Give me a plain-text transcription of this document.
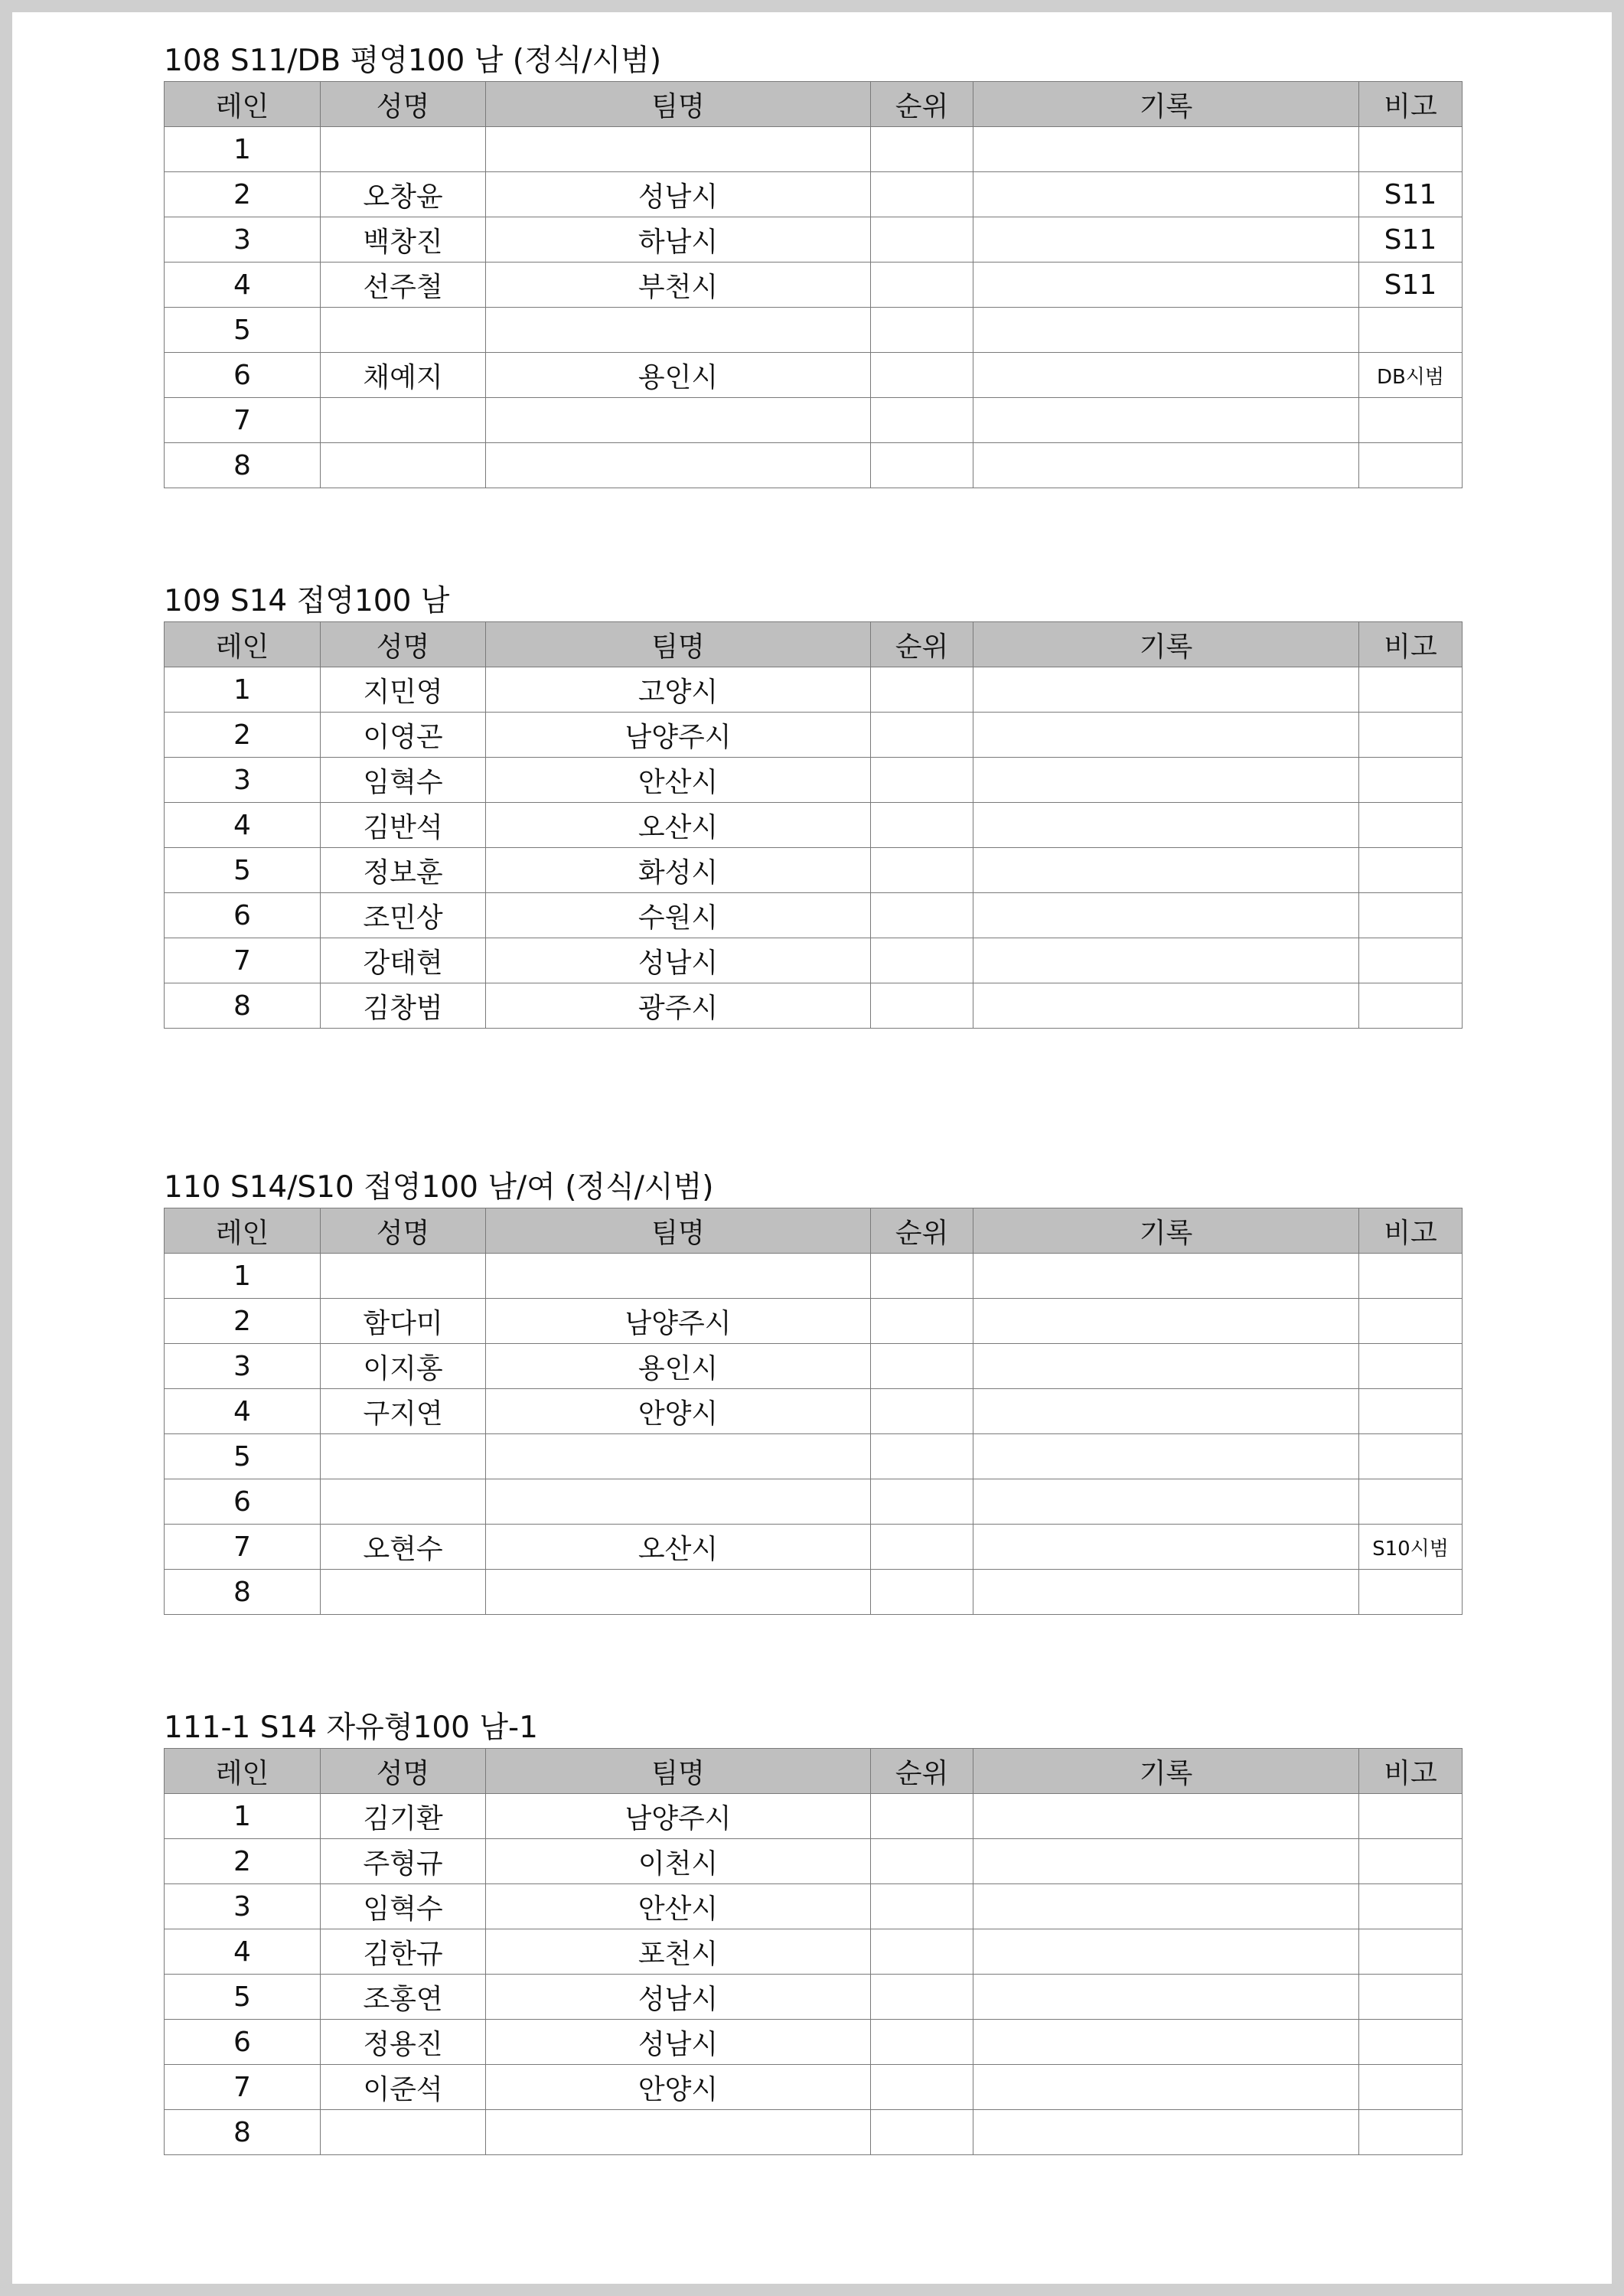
108 S11/DB 평영100 남 (정식/시범)
레인	성명	팀명	순위	기록	비고
1					
2	오창윤	성남시			S11
3	백창진	하남시			S11
4	선주철	부천시			S11
5					
6	채예지	용인시			DB시범
7					
8					
109 S14 접영100 남
레인	성명	팀명	순위	기록	비고
1	지민영	고양시			
2	이영곤	남양주시			
3	임혁수	안산시			
4	김반석	오산시			
5	정보훈	화성시			
6	조민상	수원시			
7	강태현	성남시			
8	김창범	광주시			
110 S14/S10 접영100 남/여 (정식/시범)
레인	성명	팀명	순위	기록	비고
1					
2	함다미	남양주시			
3	이지홍	용인시			
4	구지연	안양시			
5					
6					
7	오현수	오산시			S10시범
8					
111-1 S14 자유형100 남-1
레인	성명	팀명	순위	기록	비고
1	김기환	남양주시			
2	주형규	이천시			
3	임혁수	안산시			
4	김한규	포천시			
5	조홍연	성남시			
6	정용진	성남시			
7	이준석	안양시			
8					
